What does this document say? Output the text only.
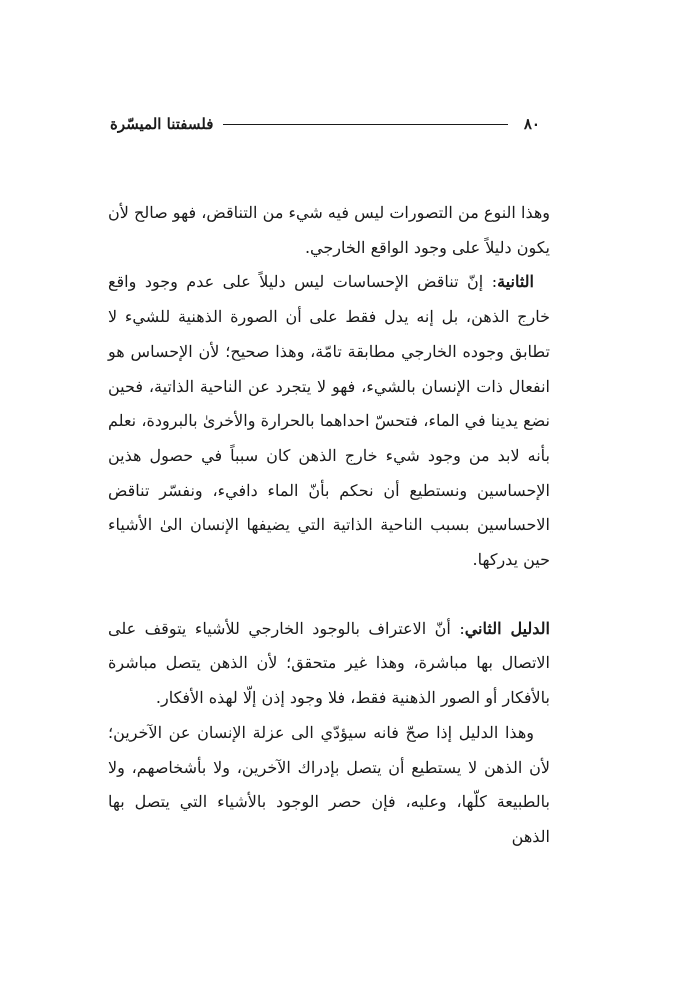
٨٠
فلسفتنا الميسّرة

وهذا النوع من التصورات ليس فيه شيء من التناقض، فهو صالح لأن يكون دليلاً على وجود الواقع الخارجي.

الثانية: إنّ تناقض الإحساسات ليس دليلاً على عدم وجود واقع خارج الذهن، بل إنه يدل فقط على أن الصورة الذهنية للشيء لا تطابق وجوده الخارجي مطابقة تامّة، وهذا صحيح؛ لأن الإحساس هو انفعال ذات الإنسان بالشيء، فهو لا يتجرد عن الناحية الذاتية، فحين نضع يدينا في الماء، فتحسّ احداهما بالحرارة والأخرىٰ بالبرودة، نعلم بأنه لابد من وجود شيء خارج الذهن كان سبباً في حصول هذين الإحساسين ونستطيع أن نحكم بأنّ الماء دافيء، ونفسّر تناقض الاحساسين بسبب الناحية الذاتية التي يضيفها الإنسان الىٰ الأشياء حين يدركها.

الدليل الثاني: أنّ الاعتراف بالوجود الخارجي للأشياء يتوقف على الاتصال بها مباشرة، وهذا غير متحقق؛ لأن الذهن يتصل مباشرة بالأفكار أو الصور الذهنية فقط، فلا وجود إذن إلّا لهذه الأفكار.

وهذا الدليل إذا صحّ فانه سيؤدّي الى عزلة الإنسان عن الآخرين؛ لأن الذهن لا يستطيع أن يتصل بإدراك الآخرين، ولا بأشخاصهم، ولا بالطبيعة كلّها، وعليه، فإن حصر الوجود بالأشياء التي يتصل بها الذهن
